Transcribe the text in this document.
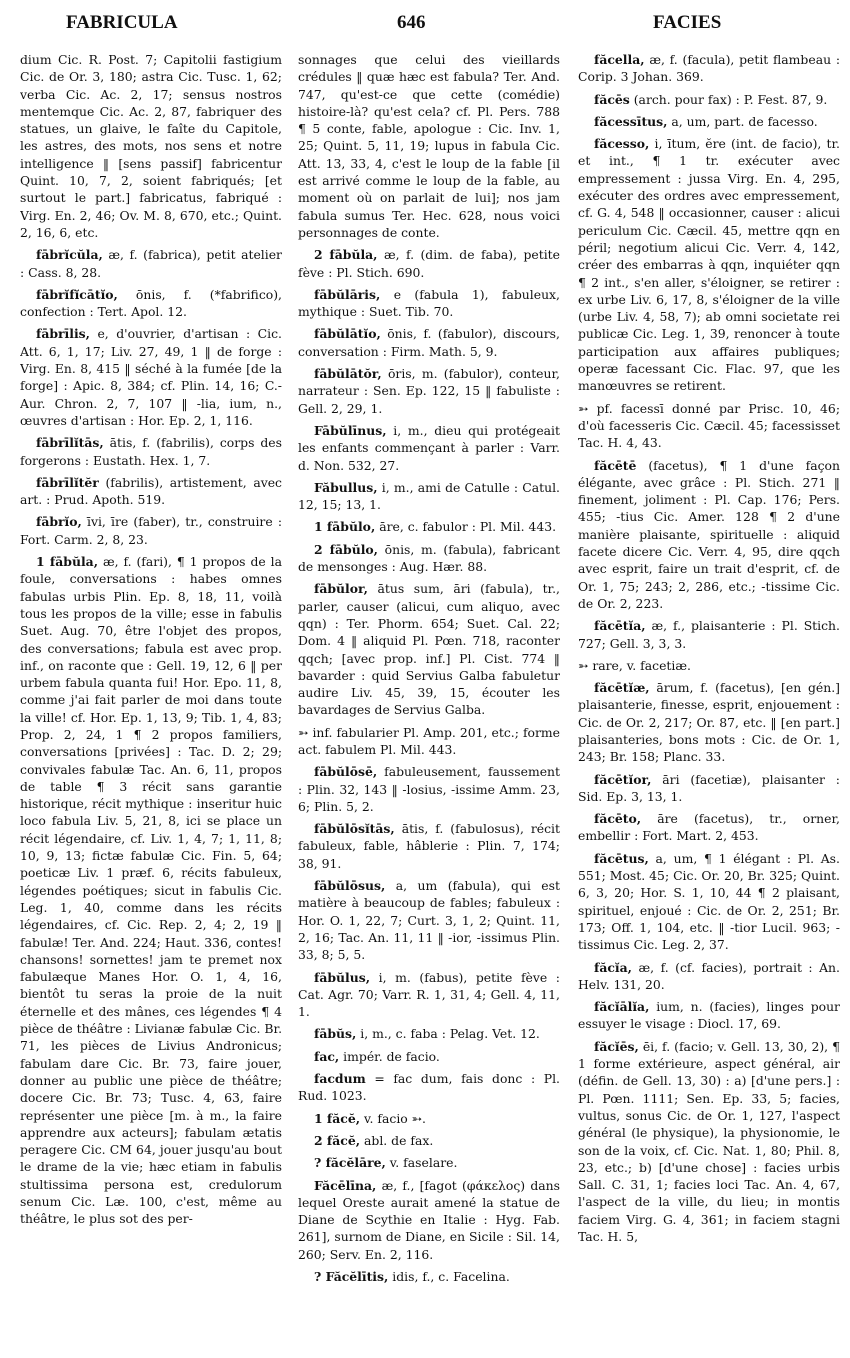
FABRICULA	646	FACIES

dium Cic. R. Post. 7; Capitolii fastigium Cic. de Or. 3, 180; astra Cic. Tusc. 1, 62; verba Cic. Ac. 2, 17; sensus nostros mentemque Cic. Ac. 2, 87, fabriquer des statues, un glaive, le faîte du Capitole, les astres, des mots, nos sens et notre intelligence ‖ [sens passif] fabricentur Quint. 10, 7, 2, soient fabriqués; [et surtout le part.] fabricatus, fabriqué : Virg. En. 2, 46; Ov. M. 8, 670, etc.; Quint. 2, 16, 6, etc.

fābrĭcŭla, æ, f. (fabrica), petit atelier : Cass. 8, 28.

fābrĭfĭcātĭo, ōnis, f. (*fabrifico), confection : Tert. Apol. 12.

fābrīlis, e, d'ouvrier, d'artisan : Cic. Att. 6, 1, 17; Liv. 27, 49, 1 ‖ de forge : Virg. En. 8, 415 ‖ séché à la fumée [de la forge] : Apic. 8, 384; cf. Plin. 14, 16; C.-Aur. Chron. 2, 7, 107 ‖ -lia, ium, n., œuvres d'artisan : Hor. Ep. 2, 1, 116.

fābrīlĭtās, ātis, f. (fabrilis), corps des forgerons : Eustath. Hex. 1, 7.

fābrīlĭtĕr (fabrilis), artistement, avec art. : Prud. Apoth. 519.

fābrĭo, īvi, īre (faber), tr., construire : Fort. Carm. 2, 8, 23.

1 fābŭla, æ, f. (fari), ¶ 1 propos de la foule, conversations : habes omnes fabulas urbis Plin. Ep. 8, 18, 11, voilà tous les propos de la ville; esse in fabulis Suet. Aug. 70, être l'objet des propos, des conversations; fabula est avec prop. inf., on raconte que : Gell. 19, 12, 6 ‖ per urbem fabula quanta fui! Hor. Epo. 11, 8, comme j'ai fait parler de moi dans toute la ville! cf. Hor. Ep. 1, 13, 9; Tib. 1, 4, 83; Prop. 2, 24, 1 ¶ 2 propos familiers, conversations [privées] : Tac. D. 2; 29; convivales fabulæ Tac. An. 6, 11, propos de table ¶ 3 récit sans garantie historique, récit mythique : inseritur huic loco fabula Liv. 5, 21, 8, ici se place un récit légendaire, cf. Liv. 1, 4, 7; 1, 11, 8; 10, 9, 13; fictæ fabulæ Cic. Fin. 5, 64; poeticæ Liv. 1 præf. 6, récits fabuleux, légendes poétiques; sicut in fabulis Cic. Leg. 1, 40, comme dans les récits légendaires, cf. Cic. Rep. 2, 4; 2, 19 ‖ fabulæ! Ter. And. 224; Haut. 336, contes! chansons! sornettes! jam te premet nox fabulæque Manes Hor. O. 1, 4, 16, bientôt tu seras la proie de la nuit éternelle et des mânes, ces légendes ¶ 4 pièce de théâtre : Livianæ fabulæ Cic. Br. 71, les pièces de Livius Andronicus; fabulam dare Cic. Br. 73, faire jouer, donner au public une pièce de théâtre; docere Cic. Br. 73; Tusc. 4, 63, faire représenter une pièce [m. à m., la faire apprendre aux acteurs]; fabulam ætatis peragere Cic. CM 64, jouer jusqu'au bout le drame de la vie; hæc etiam in fabulis stultissima persona est, credulorum senum Cic. Læ. 100, c'est, même au théâtre, le plus sot des per-

sonnages que celui des vieillards crédules ‖ quæ hæc est fabula? Ter. And. 747, qu'est-ce que cette (comédie) histoire-là? qu'est cela? cf. Pl. Pers. 788 ¶ 5 conte, fable, apologue : Cic. Inv. 1, 25; Quint. 5, 11, 19; lupus in fabula Cic. Att. 13, 33, 4, c'est le loup de la fable [il est arrivé comme le loup de la fable, au moment où on parlait de lui]; nos jam fabula sumus Ter. Hec. 628, nous voici personnages de conte.

2 fābŭla, æ, f. (dim. de faba), petite fève : Pl. Stich. 690.

fābŭlāris, e (fabula 1), fabuleux, mythique : Suet. Tib. 70.

fābŭlātĭo, ōnis, f. (fabulor), discours, conversation : Firm. Math. 5, 9.

fābŭlātŏr, ōris, m. (fabulor), conteur, narrateur : Sen. Ep. 122, 15 ‖ fabuliste : Gell. 2, 29, 1.

Fābŭlīnus, i, m., dieu qui protégeait les enfants commençant à parler : Varr. d. Non. 532, 27.

Făbullus, i, m., ami de Catulle : Catul. 12, 15; 13, 1.

1 fābŭlo, āre, c. fabulor : Pl. Mil. 443.

2 fābŭlo, ōnis, m. (fabula), fabricant de mensonges : Aug. Hær. 88.

fābŭlor, ātus sum, āri (fabula), tr., parler, causer (alicui, cum aliquo, avec qqn) : Ter. Phorm. 654; Suet. Cal. 22; Dom. 4 ‖ aliquid Pl. Pœn. 718, raconter qqch; [avec prop. inf.] Pl. Cist. 774 ‖ bavarder : quid Servius Galba fabuletur audire Liv. 45, 39, 15, écouter les bavardages de Servius Galba.

➳ inf. fabularier Pl. Amp. 201, etc.; forme act. fabulem Pl. Mil. 443.

fābŭlōsē, fabuleusement, faussement : Plin. 32, 143 ‖ -losius, -issime Amm. 23, 6; Plin. 5, 2.

fābŭlōsĭtās, ātis, f. (fabulosus), récit fabuleux, fable, hâblerie : Plin. 7, 174; 38, 91.

fābŭlōsus, a, um (fabula), qui est matière à beaucoup de fables; fabuleux : Hor. O. 1, 22, 7; Curt. 3, 1, 2; Quint. 11, 2, 16; Tac. An. 11, 11 ‖ -ior, -issimus Plin. 33, 8; 5, 5.

fābŭlus, i, m. (fabus), petite fève : Cat. Agr. 70; Varr. R. 1, 31, 4; Gell. 4, 11, 1.

fābŭs, i, m., c. faba : Pelag. Vet. 12.

fac, impér. de facio.

facdum = fac dum, fais donc : Pl. Rud. 1023.

1 făcĕ, v. facio ➳.

2 făcĕ, abl. de fax.

? făcĕlāre, v. faselare.

Făcēlīna, æ, f., [fagot (φάκελος) dans lequel Oreste aurait amené la statue de Diane de Scythie en Italie : Hyg. Fab. 261], surnom de Diane, en Sicile : Sil. 14, 260; Serv. En. 2, 116.

? Făcĕlītis, idis, f., c. Facelina.

făcella, æ, f. (facula), petit flambeau : Corip. 3 Johan. 369.

făcēs (arch. pour fax) : P. Fest. 87, 9.

făcessītus, a, um, part. de facesso.

făcesso, i, ītum, ĕre (int. de facio), tr. et int., ¶ 1 tr. exécuter avec empressement : jussa Virg. En. 4, 295, exécuter des ordres avec empressement, cf. G. 4, 548 ‖ occasionner, causer : alicui periculum Cic. Cæcil. 45, mettre qqn en péril; negotium alicui Cic. Verr. 4, 142, créer des embarras à qqn, inquiéter qqn ¶ 2 int., s'en aller, s'éloigner, se retirer : ex urbe Liv. 6, 17, 8, s'éloigner de la ville (urbe Liv. 4, 58, 7); ab omni societate rei publicæ Cic. Leg. 1, 39, renoncer à toute participation aux affaires publiques; operæ facessant Cic. Flac. 97, que les manœuvres se retirent.

➳ pf. facessī donné par Prisc. 10, 46; d'où facesseris Cic. Cæcil. 45; facessisset Tac. H. 4, 43.

făcētē (facetus), ¶ 1 d'une façon élégante, avec grâce : Pl. Stich. 271 ‖ finement, joliment : Pl. Cap. 176; Pers. 455; -tius Cic. Amer. 128 ¶ 2 d'une manière plaisante, spirituelle : aliquid facete dicere Cic. Verr. 4, 95, dire qqch avec esprit, faire un trait d'esprit, cf. de Or. 1, 75; 243; 2, 286, etc.; -tissime Cic. de Or. 2, 223.

făcētĭa, æ, f., plaisanterie : Pl. Stich. 727; Gell. 3, 3, 3.

➳ rare, v. facetiæ.

făcētĭæ, ārum, f. (facetus), [en gén.] plaisanterie, finesse, esprit, enjouement : Cic. de Or. 2, 217; Or. 87, etc. ‖ [en part.] plaisanteries, bons mots : Cic. de Or. 1, 243; Br. 158; Planc. 33.

făcētĭor, āri (facetiæ), plaisanter : Sid. Ep. 3, 13, 1.

făcēto, āre (facetus), tr., orner, embellir : Fort. Mart. 2, 453.

făcētus, a, um, ¶ 1 élégant : Pl. As. 551; Most. 45; Cic. Or. 20, Br. 325; Quint. 6, 3, 20; Hor. S. 1, 10, 44 ¶ 2 plaisant, spirituel, enjoué : Cic. de Or. 2, 251; Br. 173; Off. 1, 104, etc. ‖ -tior Lucil. 963; -tissimus Cic. Leg. 2, 37.

făcĭa, æ, f. (cf. facies), portrait : An. Helv. 131, 20.

făcĭālĭa, ium, n. (facies), linges pour essuyer le visage : Diocl. 17, 69.

făcĭēs, ēi, f. (facio; v. Gell. 13, 30, 2), ¶ 1 forme extérieure, aspect général, air (défin. de Gell. 13, 30) : a) [d'une pers.] : Pl. Pœn. 1111; Sen. Ep. 33, 5; facies, vultus, sonus Cic. de Or. 1, 127, l'aspect général (le physique), la physionomie, le son de la voix, cf. Cic. Nat. 1, 80; Phil. 8, 23, etc.; b) [d'une chose] : facies urbis Sall. C. 31, 1; facies loci Tac. An. 4, 67, l'aspect de la ville, du lieu; in montis faciem Virg. G. 4, 361; in faciem stagni Tac. H. 5,
